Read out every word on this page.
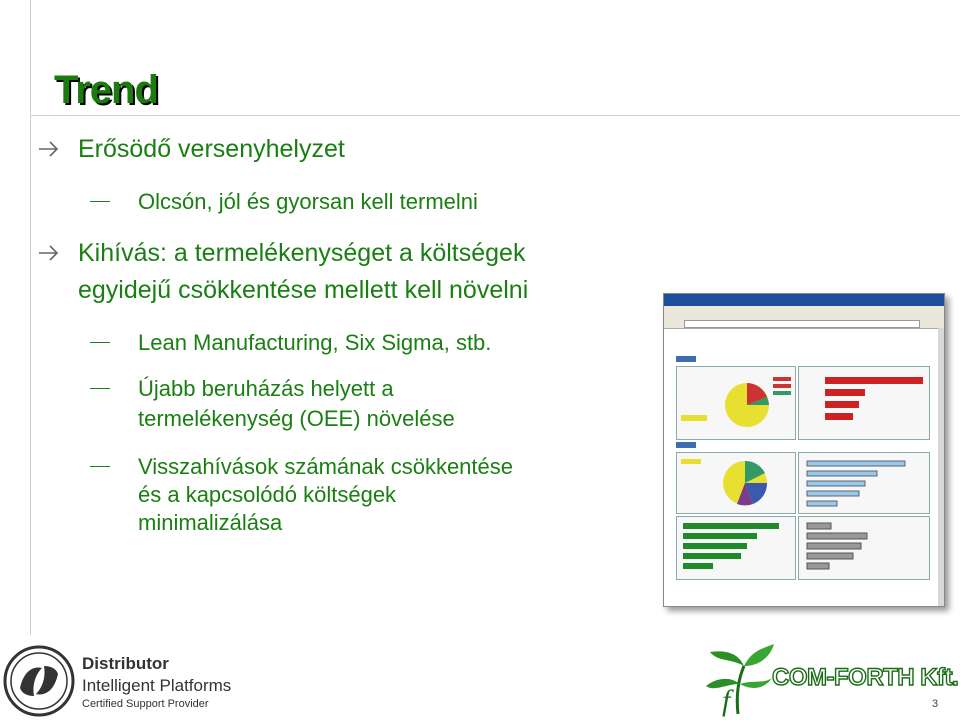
Trend
Erősödő versenyhelyzet
Olcsón, jól és gyorsan kell termelni
Kihívás: a termelékenységet a költségek
egyidejű csökkentése mellett kell növelni
Lean Manufacturing, Six Sigma, stb.
Újabb beruházás helyett a
termelékenység (OEE) növelése
Visszahívások számának csökkentése
és a kapcsolódó költségek
minimalizálása
Distributor
Intelligent Platforms
Certified Support Provider	f
COM-FORTH Kft.
3
